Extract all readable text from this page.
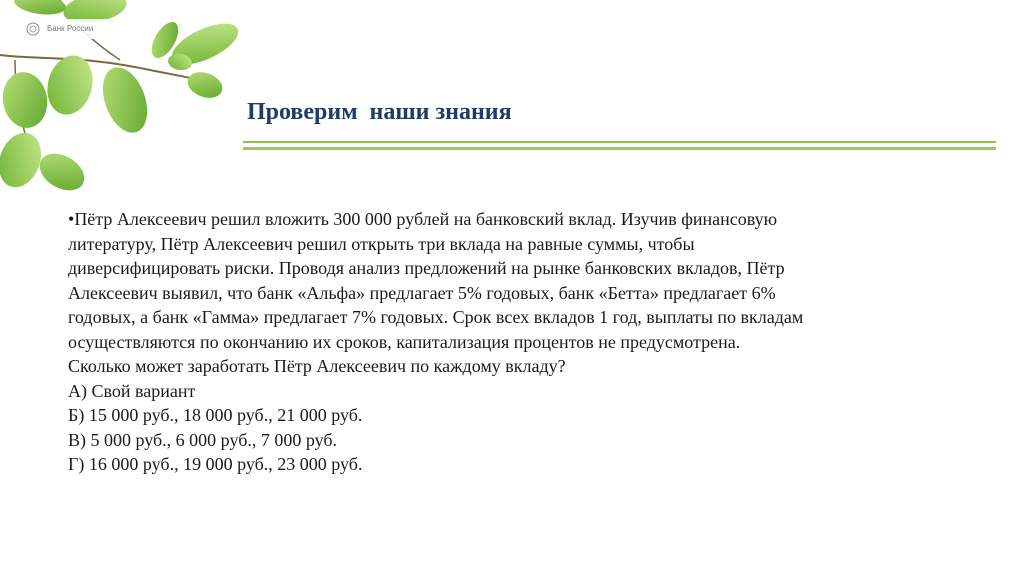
Банк России
Проверим  наши знания

•Пётр Алексеевич решил вложить 300 000 рублей на банковский вклад. Изучив финансовую
литературу, Пётр Алексеевич решил открыть три вклада на равные суммы, чтобы
диверсифицировать риски. Проводя анализ предложений на рынке банковских вкладов, Пётр
Алексеевич выявил, что банк «Альфа» предлагает 5% годовых, банк «Бетта» предлагает 6%
годовых, а банк «Гамма» предлагает 7% годовых. Срок всех вкладов 1 год, выплаты по вкладам
осуществляются по окончанию их сроков, капитализация процентов не предусмотрена.
Сколько может заработать Пётр Алексеевич по каждому вкладу?

А) Свой вариант
Б) 15 000 руб., 18 000 руб., 21 000 руб.
В) 5 000 руб., 6 000 руб., 7 000 руб.
Г) 16 000 руб., 19 000 руб., 23 000 руб.
